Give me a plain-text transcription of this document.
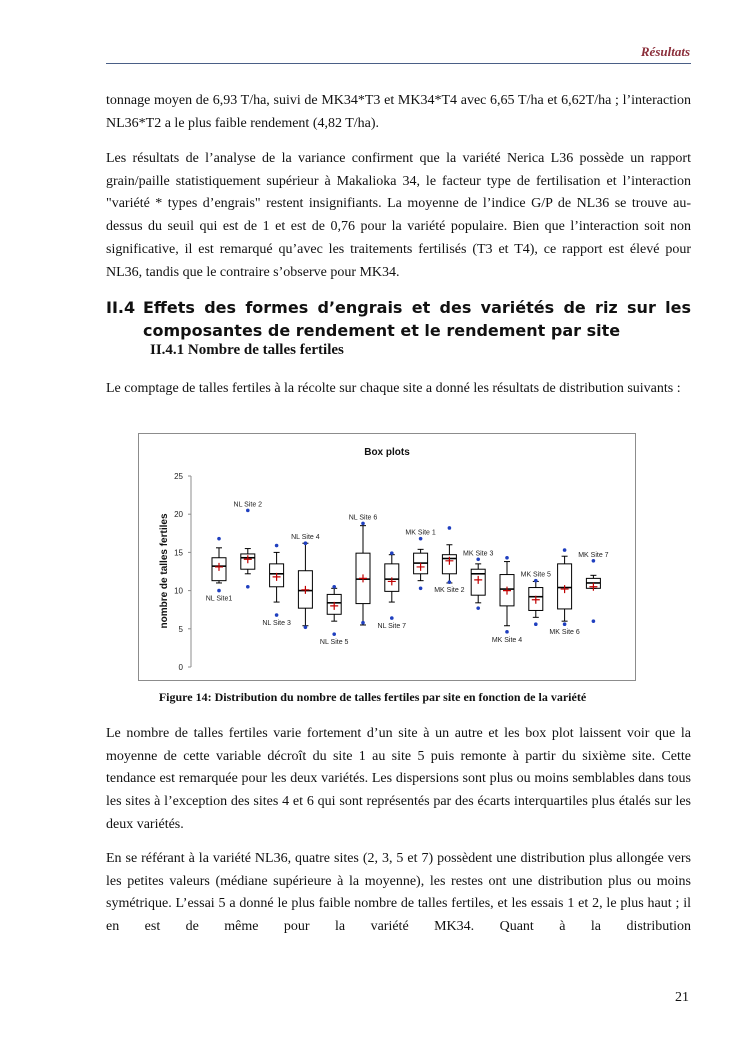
Résultats

tonnage moyen de 6,93 T/ha, suivi de MK34*T3 et MK34*T4 avec 6,65 T/ha et 6,62T/ha ; l’interaction NL36*T2 a le plus faible rendement (4,82 T/ha).

Les résultats de l’analyse de la variance confirment que la variété Nerica L36 possède un rapport grain/paille statistiquement supérieur à Makalioka 34, le facteur type de fertilisation et l’interaction "variété * types d’engrais" restent insignifiants. La moyenne de l’indice G/P de NL36 se trouve au-dessus du seuil qui est de 1 et est de 0,76 pour la variété populaire. Bien que l’interaction soit non significative, il est remarqué qu’avec les traitements fertilisés (T3 et T4), ce rapport est élevé pour NL36, tandis que le contraire s’observe pour MK34.

II.4 Effets des formes d’engrais et des variétés de riz sur les composantes de rendement et le rendement par site
II.4.1 Nombre de talles fertiles

Le comptage de talles fertiles à la récolte sur chaque site a donné les résultats de distribution suivants :

Box plots
nombre de talles fertiles
0
5
10
15
20
25
NL Site1
NL Site 2
NL Site 3
NL Site 4
NL Site 5
NL Site 6
NL Site 7
MK Site 1
MK Site 2
MK Site 3
MK Site 4
MK Site 5
MK Site 6
MK Site 7
Figure 14: Distribution du nombre de talles fertiles par site en fonction de la variété

Le nombre de talles fertiles varie fortement d’un site à un autre et les box plot laissent voir que la moyenne de cette variable décroît du site 1 au site 5 puis remonte à partir du sixième site. Cette tendance est remarquée pour les deux variétés. Les dispersions sont plus ou moins semblables dans tous les sites à l’exception des sites 4 et 6 qui sont représentés par des écarts interquartiles plus étalés sur les deux variétés.

En se référant à la variété NL36, quatre sites (2, 3, 5 et 7) possèdent une distribution plus allongée vers les petites valeurs (médiane supérieure à la moyenne), les restes ont une distribution plus ou moins symétrique. L’essai 5 a donné le plus faible nombre de talles fertiles, et les essais 1 et 2, le plus haut ; il en est de même pour la variété MK34. Quant à la distribution

21
